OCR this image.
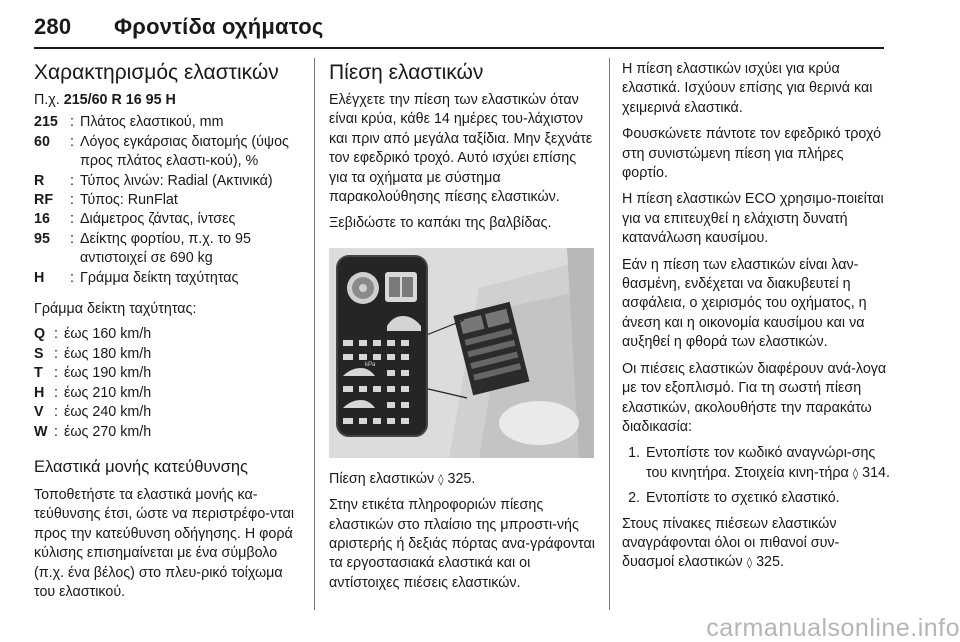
280 Φροντίδα οχήματος
Χαρακτηρισμός ελαστικών
Π.χ. 215/60 R 16 95 H
215 : Πλάτος ελαστικού, mm
60	: Λόγος εγκάρσιας διατομής (ύψος προς πλάτος ελαστι‐κού), %
R	: Τύπος λινών: Radial (Ακτινικά)
RF	: Τύπος: RunFlat
16	: Διάμετρος ζάντας, ίντσες
95	: Δείκτης φορτίου, π.χ. το 95 αντιστοιχεί σε 690 kg
H	: Γράμμα δείκτη ταχύτητας

Γράμμα δείκτη ταχύτητας:

Q : έως 160 km/h
S : έως 180 km/h
T : έως 190 km/h
H : έως 210 km/h
V : έως 240 km/h
W : έως 270 km/h
Ελαστικά μονής κατεύθυνσης

Τοποθετήστε τα ελαστικά μονής κα‐τεύθυνσης έτσι, ώστε να περιστρέφο‐νται προς την κατεύθυνση οδήγησης. Η φορά κύλισης επισημαίνεται με ένα σύμβολο (π.χ. ένα βέλος) στο πλευ‐ρικό τοίχωμα του ελαστικού.

Πίεση ελαστικών

Ελέγχετε την πίεση των ελαστικών όταν είναι κρύα, κάθε 14 ημέρες του‐λάχιστον και πριν από μεγάλα ταξίδια. Μην ξεχνάτε τον εφεδρικό τροχό. Αυτό ισχύει επίσης για τα οχήματα με σύστημα παρακολούθησης πίεσης ελαστικών.

Ξεβιδώστε το καπάκι της βαλβίδας.

kPa

Πίεση ελαστικών ◊ 325.

Στην ετικέτα πληροφοριών πίεσης ελαστικών στο πλαίσιο της μπροστι‐νής αριστερής ή δεξιάς πόρτας ανα‐γράφονται τα εργοστασιακά ελαστικά και οι αντίστοιχες πιέσεις ελαστικών.

Η πίεση ελαστικών ισχύει για κρύα ελαστικά. Ισχύουν επίσης για θερινά και χειμερινά ελαστικά.

Φουσκώνετε πάντοτε τον εφεδρικό τροχό στη συνιστώμενη πίεση για πλήρες φορτίο.

Η πίεση ελαστικών ECO χρησιμο‐ποιείται για να επιτευχθεί η ελάχιστη δυνατή κατανάλωση καυσίμου.

Εάν η πίεση των ελαστικών είναι λαν‐θασμένη, ενδέχεται να διακυβευτεί η ασφάλεια, ο χειρισμός του οχήματος, η άνεση και η οικονομία καυσίμου και να αυξηθεί η φθορά των ελαστικών.

Οι πιέσεις ελαστικών διαφέρουν ανά‐λογα με τον εξοπλισμό. Για τη σωστή πίεση ελαστικών, ακολουθήστε την παρακάτω διαδικασία:

1. Εντοπίστε τον κωδικό αναγνώρι‐σης του κινητήρα. Στοιχεία κινη‐τήρα ◊ 314.
2. Εντοπίστε το σχετικό ελαστικό.

Στους πίνακες πιέσεων ελαστικών αναγράφονται όλοι οι πιθανοί συν‐δυασμοί ελαστικών ◊ 325.

carmanualsonline.info
